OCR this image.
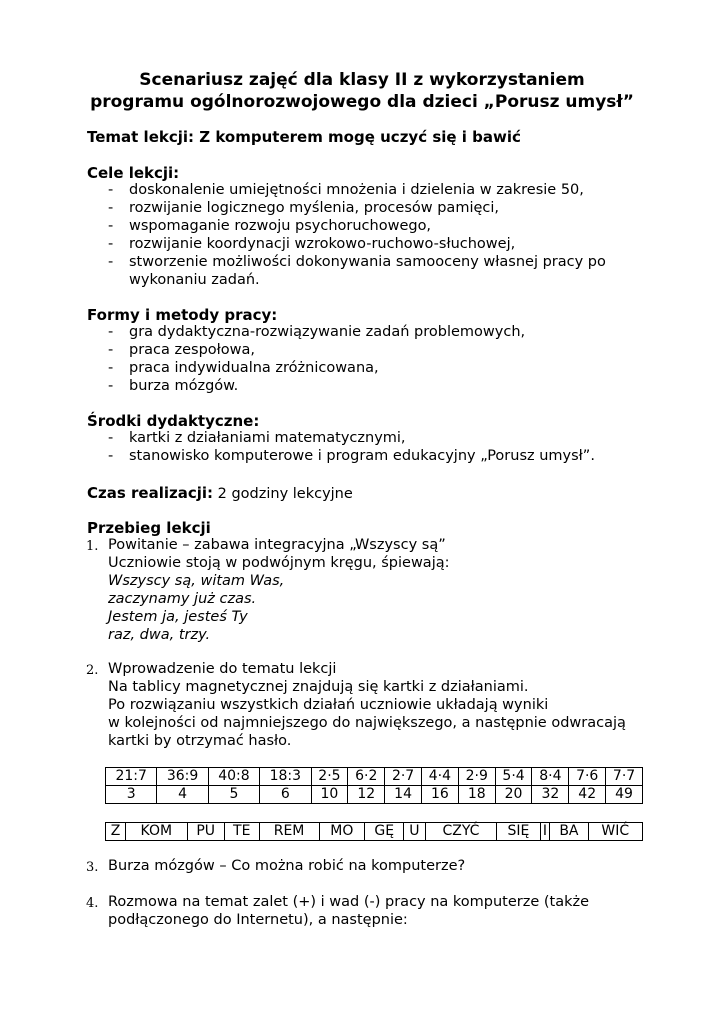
Scenariusz zajęć dla klasy II z wykorzystaniem
programu ogólnorozwojowego dla dzieci „Porusz umysł”
Temat lekcji: Z komputerem mogę uczyć się i bawić
Cele lekcji:
- doskonalenie umiejętności mnożenia i dzielenia w zakresie 50,
- rozwijanie logicznego myślenia, procesów pamięci,
- wspomaganie rozwoju psychoruchowego,
- rozwijanie koordynacji wzrokowo-ruchowo-słuchowej,
- stworzenie możliwości dokonywania samooceny własnej pracy po
wykonaniu zadań.
Formy i metody pracy:
- gra dydaktyczna-rozwiązywanie zadań problemowych,
- praca zespołowa,
- praca indywidualna zróżnicowana,
- burza mózgów.
Środki dydaktyczne:
- kartki z działaniami matematycznymi,
- stanowisko komputerowe i program edukacyjny „Porusz umysł”.
Czas realizacji: 2 godziny lekcyjne
Przebieg lekcji
1. Powitanie – zabawa integracyjna „Wszyscy są”
Uczniowie stoją w podwójnym kręgu, śpiewają:
Wszyscy są, witam Was,
zaczynamy już czas.
Jestem ja, jesteś Ty
raz, dwa, trzy.
2. Wprowadzenie do tematu lekcji
Na tablicy magnetycznej znajdują się kartki z działaniami.
Po rozwiązaniu wszystkich działań uczniowie układają wyniki
w kolejności od najmniejszego do największego, a następnie odwracają
kartki by otrzymać hasło.
21:7	36:9	40:8	18:3	2·5	6·2	2·7	4·4	2·9	5·4	8·4	7·6	7·7
3	4	5	6	10	12	14	16	18	20	32	42	49
Z	KOM	PU	TE	REM	MO	GĘ	U	CZYĆ	SIĘ	I	BA	WIĆ
3. Burza mózgów – Co można robić na komputerze?
4. Rozmowa na temat zalet (+) i wad (-) pracy na komputerze (także
podłączonego do Internetu), a następnie:
